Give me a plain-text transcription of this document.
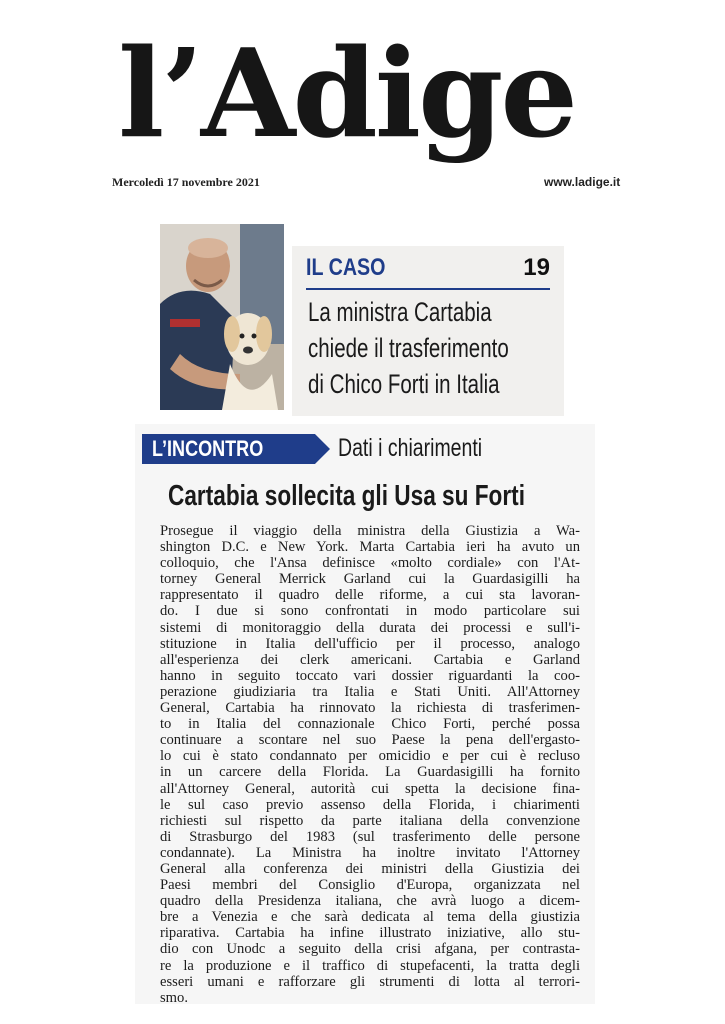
l’Adige
Mercoledì 17 novembre 2021	www.ladige.it
IL CASO	19
La ministra Cartabia
chiede il trasferimento
di Chico Forti in Italia
L’INCONTRO	Dati i chiarimenti
Cartabia sollecita gli Usa su Forti
Prosegue il viaggio della ministra della Giustizia a Wa-
shington D.C. e New York. Marta Cartabia ieri ha avuto un
colloquio, che l'Ansa definisce «molto cordiale» con l'At-
torney General Merrick Garland cui la Guardasigilli ha
rappresentato il quadro delle riforme, a cui sta lavoran-
do. I due si sono confrontati in modo particolare sui
sistemi di monitoraggio della durata dei processi e sull'i-
stituzione in Italia dell'ufficio per il processo, analogo
all'esperienza dei clerk americani. Cartabia e Garland
hanno in seguito toccato vari dossier riguardanti la coo-
perazione giudiziaria tra Italia e Stati Uniti. All'Attorney
General, Cartabia ha rinnovato la richiesta di trasferimen-
to in Italia del connazionale Chico Forti, perché possa
continuare a scontare nel suo Paese la pena dell'ergasto-
lo cui è stato condannato per omicidio e per cui è recluso
in un carcere della Florida. La Guardasigilli ha fornito
all'Attorney General, autorità cui spetta la decisione fina-
le sul caso previo assenso della Florida, i chiarimenti
richiesti sul rispetto da parte italiana della convenzione
di Strasburgo del 1983 (sul trasferimento delle persone
condannate). La Ministra ha inoltre invitato l'Attorney
General alla conferenza dei ministri della Giustizia dei
Paesi membri del Consiglio d'Europa, organizzata nel
quadro della Presidenza italiana, che avrà luogo a dicem-
bre a Venezia e che sarà dedicata al tema della giustizia
riparativa. Cartabia ha infine illustrato iniziative, allo stu-
dio con Unodc a seguito della crisi afgana, per contrasta-
re la produzione e il traffico di stupefacenti, la tratta degli
esseri umani e rafforzare gli strumenti di lotta al terrori-
smo.
